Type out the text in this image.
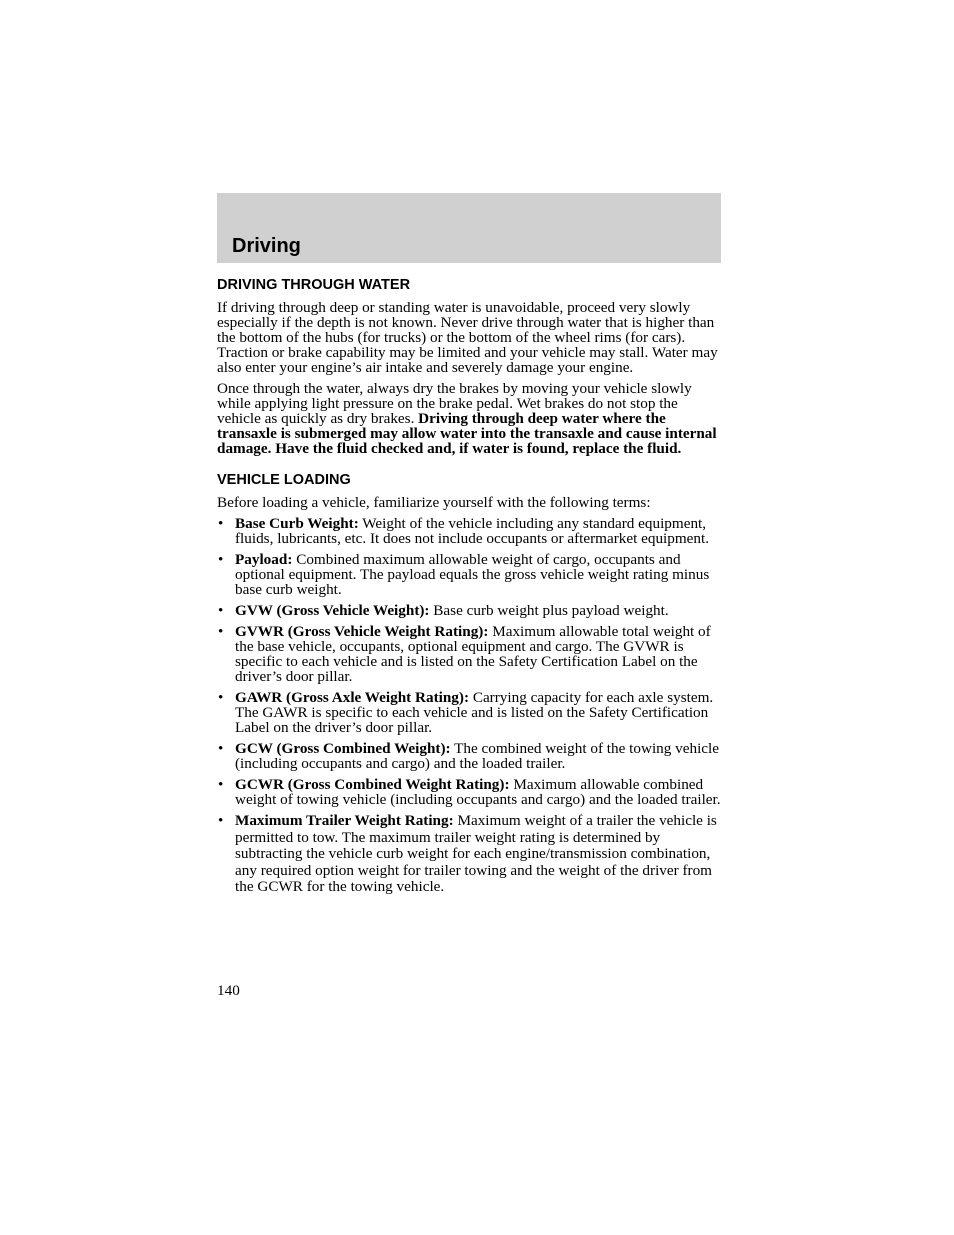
Driving
DRIVING THROUGH WATER

If driving through deep or standing water is unavoidable, proceed very slowly especially if the depth is not known. Never drive through water that is higher than the bottom of the hubs (for trucks) or the bottom of the wheel rims (for cars). Traction or brake capability may be limited and your vehicle may stall. Water may also enter your engine’s air intake and severely damage your engine.

Once through the water, always dry the brakes by moving your vehicle slowly while applying light pressure on the brake pedal. Wet brakes do not stop the vehicle as quickly as dry brakes. Driving through deep water where the transaxle is submerged may allow water into the transaxle and cause internal damage. Have the fluid checked and, if water is found, replace the fluid.

VEHICLE LOADING

Before loading a vehicle, familiarize yourself with the following terms:

• Base Curb Weight: Weight of the vehicle including any standard equipment, fluids, lubricants, etc. It does not include occupants or aftermarket equipment.
• Payload: Combined maximum allowable weight of cargo, occupants and optional equipment. The payload equals the gross vehicle weight rating minus base curb weight.
• GVW (Gross Vehicle Weight): Base curb weight plus payload weight.
• GVWR (Gross Vehicle Weight Rating): Maximum allowable total weight of the base vehicle, occupants, optional equipment and cargo. The GVWR is specific to each vehicle and is listed on the Safety Certification Label on the driver’s door pillar.
• GAWR (Gross Axle Weight Rating): Carrying capacity for each axle system. The GAWR is specific to each vehicle and is listed on the Safety Certification Label on the driver’s door pillar.
• GCW (Gross Combined Weight): The combined weight of the towing vehicle (including occupants and cargo) and the loaded trailer.
• GCWR (Gross Combined Weight Rating): Maximum allowable combined weight of towing vehicle (including occupants and cargo) and the loaded trailer.
• Maximum Trailer Weight Rating: Maximum weight of a trailer the vehicle is permitted to tow. The maximum trailer weight rating is determined by subtracting the vehicle curb weight for each engine/transmission combination, any required option weight for trailer towing and the weight of the driver from the GCWR for the towing vehicle.
140
